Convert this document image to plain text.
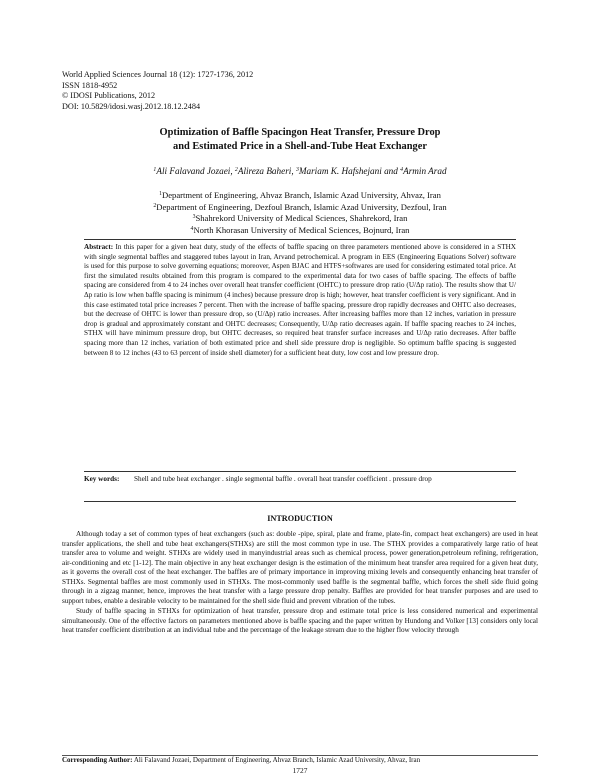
World Applied Sciences Journal 18 (12): 1727-1736, 2012
ISSN 1818-4952
© IDOSI Publications, 2012
DOI: 10.5829/idosi.wasj.2012.18.12.2484
Optimization of Baffle Spacingon Heat Transfer, Pressure Drop
and Estimated Price in a Shell-and-Tube Heat Exchanger
$^1$Ali Falavand Jozaei, $^2$Alireza Baheri, $^3$Mariam K. Hafshejani and $^4$Armin Arad
$^1$Department of Engineering, Ahvaz Branch, Islamic Azad University, Ahvaz, Iran
$^2$Department of Engineering, Dezfoul Branch, Islamic Azad University, Dezfoul, Iran
$^3$Shahrekord University of Medical Sciences, Shahrekord, Iran
$^4$North Khorasan University of Medical Sciences, Bojnurd, Iran

Abstract: In this paper for a given heat duty, study of the effects of baffle spacing on three parameters mentioned above is considered in a STHX with single segmental baffles and staggered tubes layout in Iran, Arvand petrochemical. A program in EES (Engineering Equations Solver) software is used for this purpose to solve governing equations; moreover, Aspen BJAC and HTFS+softwares are used for considering estimated total price. At first the simulated results obtained from this program is compared to the experimental data for two cases of baffle spacing. The effects of baffle spacing are considered from 4 to 24 inches over overall heat transfer coefficient (OHTC) to pressure drop ratio (U/Δp ratio). The results show that U/Δp ratio is low when baffle spacing is minimum (4 inches) because pressure drop is high; however, heat transfer coefficient is very significant. And in this case estimated total price increases 7 percent. Then with the increase of baffle spacing, pressure drop rapidly decreases and OHTC also decreases, but the decrease of OHTC is lower than pressure drop, so (U/Δp) ratio increases. After increasing baffles more than 12 inches, variation in pressure drop is gradual and approximately constant and OHTC decreases; Consequently, U/Δp ratio decreases again. If baffle spacing reaches to 24 inches, STHX will have minimum pressure drop, but OHTC decreases, so required heat transfer surface increases and U/Δp ratio decreases. After baffle spacing more than 12 inches, variation of both estimated price and shell side pressure drop is negligible. So optimum baffle spacing is suggested between 8 to 12 inches (43 to 63 percent of inside shell diameter) for a sufficient heat duty, low cost and low pressure drop.

Key words:	Shell and tube heat exchanger . single segmental baffle . overall heat transfer coefficient . pressure drop
INTRODUCTION

Although today a set of common types of heat exchangers (such as: double -pipe, spiral, plate and frame, plate-fin, compact heat exchangers) are used in heat transfer applications, the shell and tube heat exchangers(STHXs) are still the most common type in use. The STHX provides a comparatively large ratio of heat transfer area to volume and weight. STHXs are widely used in manyindustrial areas such as chemical process, power generation,petroleum refining, refrigeration, air-conditioning and etc [1-12]. The main objective in any heat exchanger design is the estimation of the minimum heat transfer area required for a given heat duty, as it governs the overall cost of the heat exchanger. The baffles are of primary importance in improving mixing levels and consequently enhancing heat transfer of STHXs. Segmental baffles are most commonly used in STHXs. The most-commonly used baffle is the segmental baffle, which forces the shell side fluid going through in a zigzag manner, hence, improves the heat transfer with a large pressure drop penalty. Baffles are provided for heat transfer purposes and are used to support tubes, enable a desirable velocity to be maintained for the shell side fluid and prevent vibration of the tubes.

Study of baffle spacing in STHXs for optimization of heat transfer, pressure drop and estimate total price is less considered numerical and experimental simultaneously. One of the effective factors on parameters mentioned above is baffle spacing and the paper written by Hundong and Volker [13] considers only local heat transfer coefficient distribution at an individual tube and the percentage of the leakage stream due to the higher flow velocity through

Corresponding Author: Ali Falavand Jozaei, Department of Engineering, Ahvaz Branch, Islamic Azad University, Ahvaz, Iran
1727
